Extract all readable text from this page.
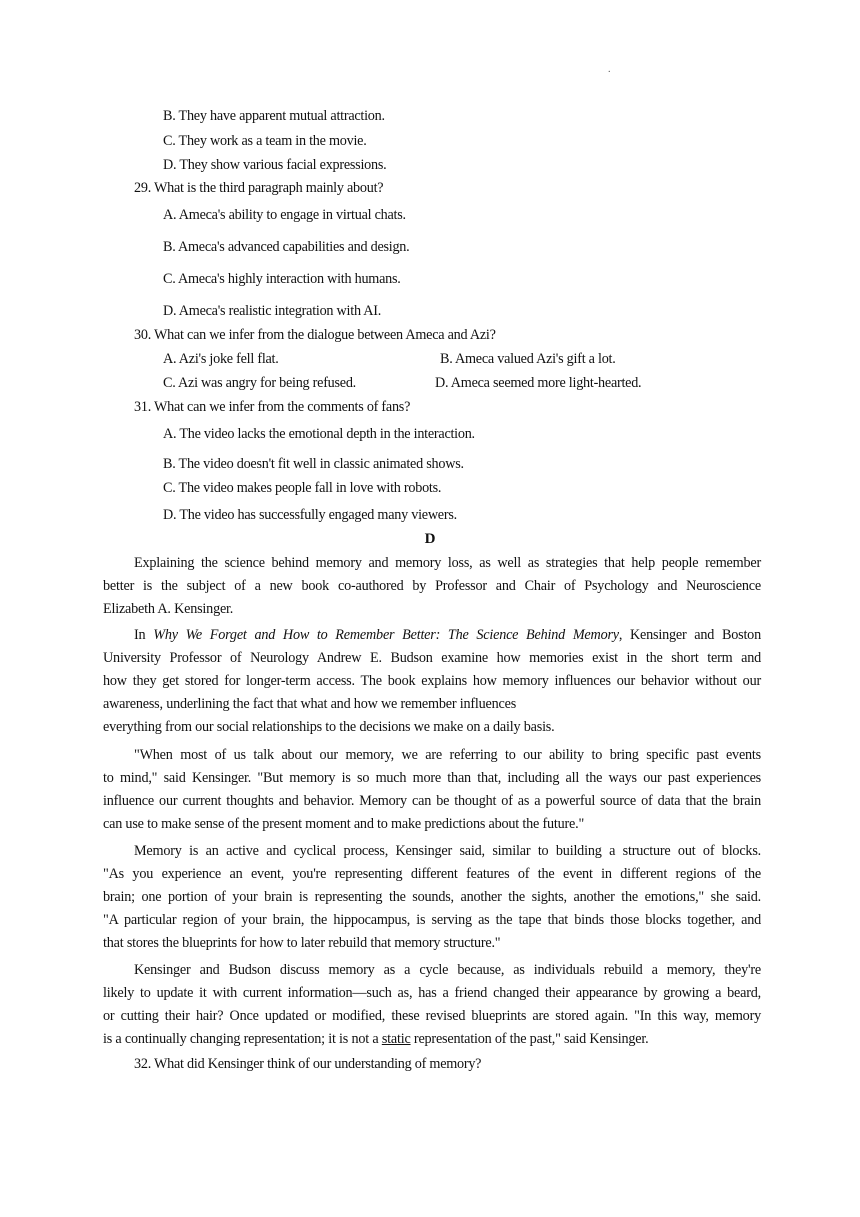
.
B. They have apparent mutual attraction.
C. They work as a team in the movie.
D. They show various facial expressions.
29. What is the third paragraph mainly about?
A. Ameca's ability to engage in virtual chats.
B. Ameca's advanced capabilities and design.
C. Ameca's highly interaction with humans.
D. Ameca's realistic integration with AI.
30. What can we infer from the dialogue between Ameca and Azi?
A. Azi's joke fell flat.	B. Ameca valued Azi's gift a lot.
C. Azi was angry for being refused.	D. Ameca seemed more light-hearted.
31. What can we infer from the comments of fans?
A. The video lacks the emotional depth in the interaction.
B. The video doesn't fit well in classic animated shows.
C. The video makes people fall in love with robots.
D. The video has successfully engaged many viewers.
D
Explaining the science behind memory and memory loss, as well as strategies that help people remember
better is the subject of a new book co-authored by Professor and Chair of Psychology and Neuroscience
Elizabeth A. Kensinger.
In Why We Forget and How to Remember Better: The Science Behind Memory, Kensinger and Boston
University Professor of Neurology Andrew E. Budson examine how memories exist in the short term and
how they get stored for longer-term access. The book explains how memory influences our behavior without our
awareness, underlining the fact that what and how we remember influences
everything from our social relationships to the decisions we make on a daily basis.
"When most of us talk about our memory, we are referring to our ability to bring specific past events
to mind," said Kensinger. "But memory is so much more than that, including all the ways our past experiences
influence our current thoughts and behavior. Memory can be thought of as a powerful source of data that the brain
can use to make sense of the present moment and to make predictions about the future."
Memory is an active and cyclical process, Kensinger said, similar to building a structure out of blocks.
"As you experience an event, you're representing different features of the event in different regions of the
brain; one portion of your brain is representing the sounds, another the sights, another the emotions," she said.
"A particular region of your brain, the hippocampus, is serving as the tape that binds those blocks together, and
that stores the blueprints for how to later rebuild that memory structure."
Kensinger and Budson discuss memory as a cycle because, as individuals rebuild a memory, they're
likely to update it with current information—such as, has a friend changed their appearance by growing a beard,
or cutting their hair? Once updated or modified, these revised blueprints are stored again. "In this way, memory
is a continually changing representation; it is not a static representation of the past," said Kensinger.
32. What did Kensinger think of our understanding of memory?
